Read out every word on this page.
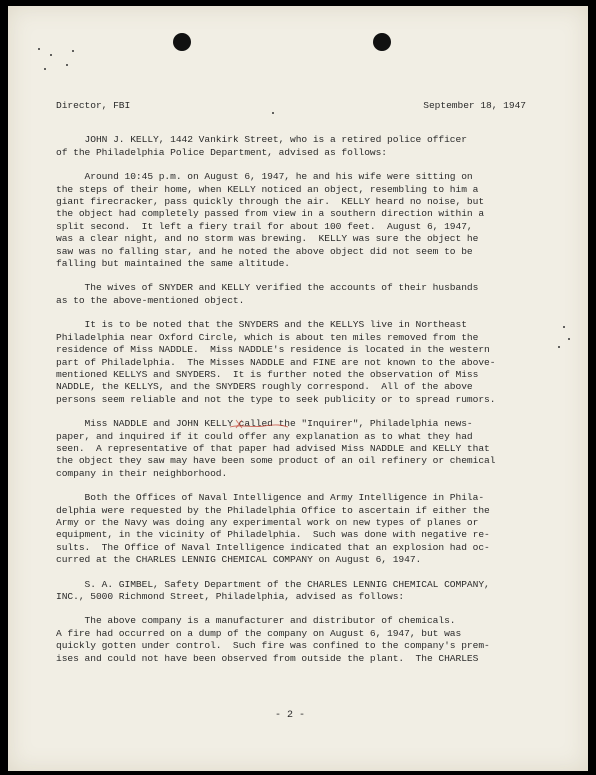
Director, FBI	September 18, 1947
JOHN J. KELLY, 1442 Vankirk Street, who is a retired police officer
of the Philadelphia Police Department, advised as follows:
Around 10:45 p.m. on August 6, 1947, he and his wife were sitting on
the steps of their home, when KELLY noticed an object, resembling to him a
giant firecracker, pass quickly through the air.  KELLY heard no noise, but
the object had completely passed from view in a southern direction within a
split second.  It left a fiery trail for about 100 feet.  August 6, 1947,
was a clear night, and no storm was brewing.  KELLY was sure the object he
saw was no falling star, and he noted the above object did not seem to be
falling but maintained the same altitude.
The wives of SNYDER and KELLY verified the accounts of their husbands
as to the above-mentioned object.
It is to be noted that the SNYDERS and the KELLYS live in Northeast
Philadelphia near Oxford Circle, which is about ten miles removed from the
residence of Miss NADDLE.  Miss NADDLE's residence is located in the western
part of Philadelphia.  The Misses NADDLE and FINE are not known to the above-
mentioned KELLYS and SNYDERS.  It is further noted the observation of Miss
NADDLE, the KELLYS, and the SNYDERS roughly correspond.  All of the above
persons seem reliable and not the type to seek publicity or to spread rumors.
Miss NADDLE and JOHN KELLY called the "Inquirer", Philadelphia news-
paper, and inquired if it could offer any explanation as to what they had
seen.  A representative of that paper had advised Miss NADDLE and KELLY that
the object they saw may have been some product of an oil refinery or chemical
company in their neighborhood.
Both the Offices of Naval Intelligence and Army Intelligence in Phila-
delphia were requested by the Philadelphia Office to ascertain if either the
Army or the Navy was doing any experimental work on new types of planes or
equipment, in the vicinity of Philadelphia.  Such was done with negative re-
sults.  The Office of Naval Intelligence indicated that an explosion had oc-
curred at the CHARLES LENNIG CHEMICAL COMPANY on August 6, 1947.
S. A. GIMBEL, Safety Department of the CHARLES LENNIG CHEMICAL COMPANY,
INC., 5000 Richmond Street, Philadelphia, advised as follows:
The above company is a manufacturer and distributor of chemicals.
A fire had occurred on a dump of the company on August 6, 1947, but was
quickly gotten under control.  Such fire was confined to the company's prem-
ises and could not have been observed from outside the plant.  The CHARLES
- 2 -
